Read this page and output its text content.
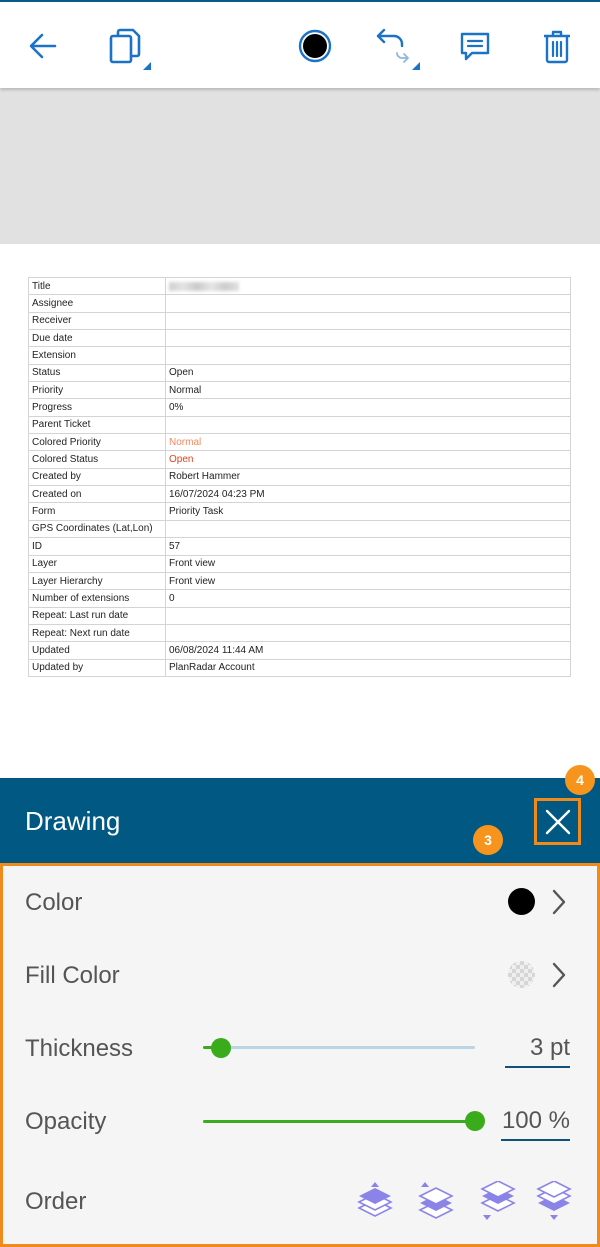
Title	
Assignee	
Receiver	
Due date	
Extension	
Status	Open
Priority	Normal
Progress	0%
Parent Ticket	
Colored Priority	Normal
Colored Status	Open
Created by	Robert Hammer
Created on	16/07/2024 04:23 PM
Form	Priority Task
GPS Coordinates (Lat,Lon)	
ID	57
Layer	Front view
Layer Hierarchy	Front view
Number of extensions	0
Repeat: Last run date	
Repeat: Next run date	
Updated	06/08/2024 11:44 AM
Updated by	PlanRadar Account
Drawing
4
3
Color
Fill Color
Thickness	3 pt
Opacity	100 %
Order
